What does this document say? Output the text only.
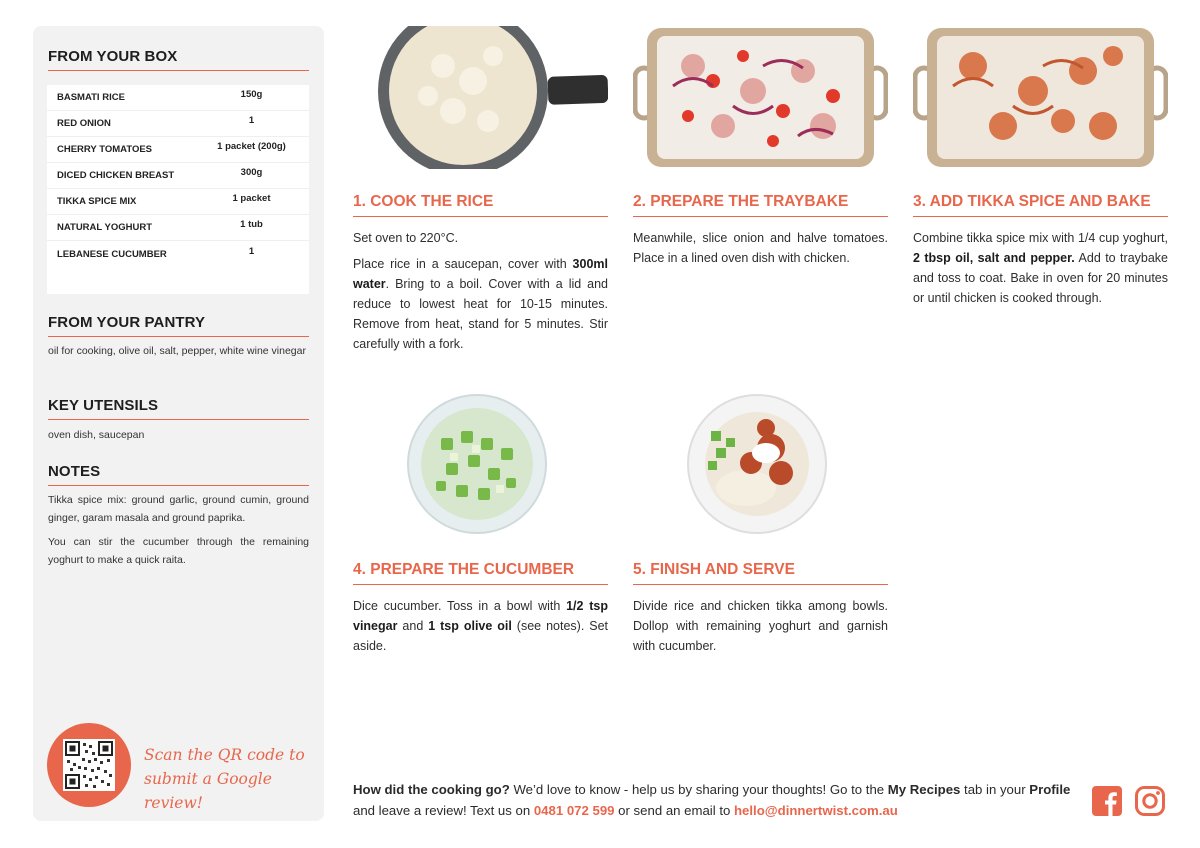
FROM YOUR BOX
BASMATI RICE	150g
RED ONION	1
CHERRY TOMATOES	1 packet (200g)
DICED CHICKEN BREAST	300g
TIKKA SPICE MIX	1 packet
NATURAL YOGHURT	1 tub
LEBANESE CUCUMBER	1
FROM YOUR PANTRY
oil for cooking, olive oil, salt, pepper, white wine vinegar
KEY UTENSILS
oven dish, saucepan
NOTES
Tikka spice mix: ground garlic, ground cumin, ground ginger, garam masala and ground paprika.
You can stir the cucumber through the remaining yoghurt to make a quick raita.
Scan the QR code to
submit a Google review!
1. COOK THE RICE

Set oven to 220°C.

Place rice in a saucepan, cover with 300ml water. Bring to a boil. Cover with a lid and reduce to lowest heat for 10-15 minutes. Remove from heat, stand for 5 minutes. Stir carefully with a fork.

2. PREPARE THE TRAYBAKE

Meanwhile, slice onion and halve tomatoes. Place in a lined oven dish with chicken.

3. ADD TIKKA SPICE AND BAKE

Combine tikka spice mix with 1/4 cup yoghurt, 2 tbsp oil, salt and pepper. Add to traybake and toss to coat. Bake in oven for 20 minutes or until chicken is cooked through.

4. PREPARE THE CUCUMBER

Dice cucumber. Toss in a bowl with 1/2 tsp vinegar and 1 tsp olive oil (see notes). Set aside.

5. FINISH AND SERVE

Divide rice and chicken tikka among bowls. Dollop with remaining yoghurt and garnish with cucumber.

How did the cooking go? We’d love to know - help us by sharing your thoughts! Go to the My Recipes tab in your Profile and leave a review! Text us on 0481 072 599 or send an email to hello@dinnertwist.com.au
